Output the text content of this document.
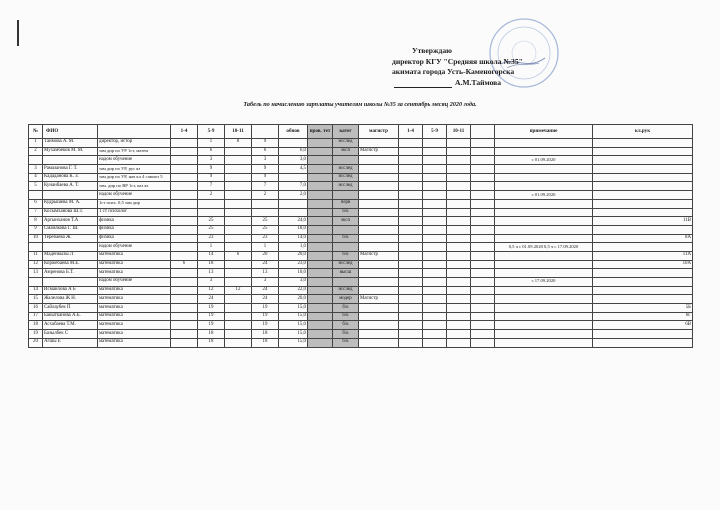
Утверждаю
директор КГУ "Средняя школа №35"
акимата города Усть-Каменогорска
А.М.Таймова
Табель по начислению зарплаты учителям школы №35 за сентябрь месяц 2020 года.
№	ФИО		1-4	5-9	10-11		обнов	пров. тет	катег	магистр	1-4	5-9	10-11		примечание	кл.рук
1	Таймова А. М.	директор, истор		1	8	9			исслед							
2	Мухамбеков М. М.	зам дир по УР 1ст, матем		6		6	6,0		эксп	Магистр						
		надом обучение		3		3	3,0								с 01.09.2020	
3	Рамазанова Г. Т.	зам дир по УР, рус яз		9		9	4,5		исслед							
4	Кададанова К. З.	зам дир по УР, нач кл 4 сампоз 5		9		9			исслед							
5	Кунанбаева А. Т.	зам. дир по ВР 1ст, каз яз		7		7	7,0		исслед							
		надом обучение		2		2	2,0								с 01.09.2020	
6	Кудрышева М. А.	1ст псих. 0,5 зам дир							перв							
7	Косымханова Ш.Т.	1 ст психолог							б/к							
8	Аргынханов Т.А	физика		25		25	24,0		эксп							11В
9	Смаилкова Г. Ш.	физика		25		25	18,0									
10	Теребаева Ж.	физика		23		23	14,0		б/к							8А
		надом обучение		1		1	1,0								0,5 ч с 01.09.2020 0,5 ч с 17.09.2020	
11	Маденкызы Л	математика		14	6	20	20,0		б/к	Магистр						11А
12	Коржебаева М.Е.	математика	6	18		24	23,0		исслед							10А
13	Амренова Б.Т.	математика		13		13	10,0		высш							
		надом обучение		3		3	3,0								с 17.09.2020	
14	Исмаилова А Б	математика		12	12	24	22,0		исслед							
15	Жалелова Ж Н.	математика		24		24	20,0		модер	Магистр						
16	Сайлаубек П	математика		19		19	15,0		б/к							5Б
17	Бакытканова А.Б.	математика		19		19	15,0		б/к							6Г
18	Асхабаева Т.М.	математика		19		19	15,0		б/к							6В
19	Базылбек С	математика		18		18	15,0		б/к							
20	Агшы Е	математика		18		18	15,0		б/к							
